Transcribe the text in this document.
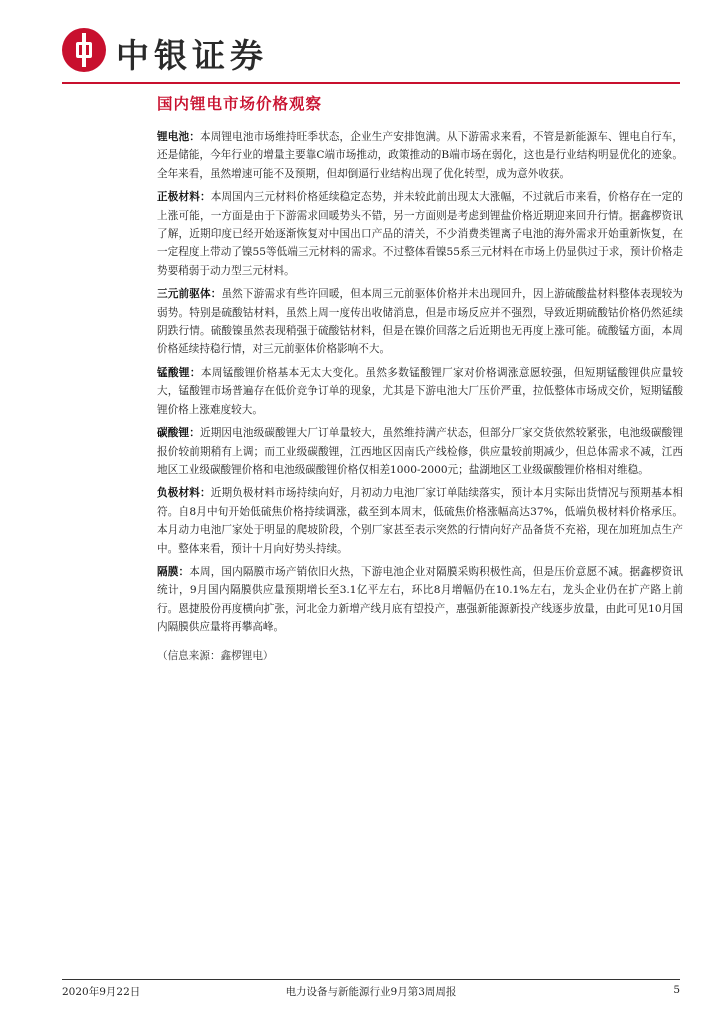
中银证券
国内锂电市场价格观察

锂电池：本周锂电池市场维持旺季状态，企业生产安排饱满。从下游需求来看，不管是新能源车、锂电自行车，还是储能，今年行业的增量主要靠C端市场推动，政策推动的B端市场在弱化，这也是行业结构明显优化的迹象。全年来看，虽然增速可能不及预期，但却倒逼行业结构出现了优化转型，成为意外收获。

正极材料：本周国内三元材料价格延续稳定态势，并未较此前出现太大涨幅，不过就后市来看，价格存在一定的上涨可能，一方面是由于下游需求回暖势头不错，另一方面则是考虑到锂盐价格近期迎来回升行情。据鑫椤资讯了解，近期印度已经开始逐渐恢复对中国出口产品的清关，不少消费类锂离子电池的海外需求开始重新恢复，在一定程度上带动了镍55等低端三元材料的需求。不过整体看镍55系三元材料在市场上仍显供过于求，预计价格走势要稍弱于动力型三元材料。

三元前驱体：虽然下游需求有些许回暖，但本周三元前驱体价格并未出现回升，因上游硫酸盐材料整体表现较为弱势。特别是硫酸钴材料，虽然上周一度传出收储消息，但是市场反应并不强烈，导致近期硫酸钴价格仍然延续阴跌行情。硫酸镍虽然表现稍强于硫酸钴材料，但是在镍价回落之后近期也无再度上涨可能。硫酸锰方面，本周价格延续持稳行情，对三元前驱体价格影响不大。

锰酸锂：本周锰酸锂价格基本无太大变化。虽然多数锰酸锂厂家对价格调涨意愿较强，但短期锰酸锂供应量较大，锰酸锂市场普遍存在低价竞争订单的现象，尤其是下游电池大厂压价严重，拉低整体市场成交价，短期锰酸锂价格上涨难度较大。

碳酸锂：近期因电池级碳酸锂大厂订单量较大，虽然维持满产状态，但部分厂家交货依然较紧张，电池级碳酸锂报价较前期稍有上调；而工业级碳酸锂，江西地区因南氏产线检修，供应量较前期减少，但总体需求不减，江西地区工业级碳酸锂价格和电池级碳酸锂价格仅相差1000-2000元；盐湖地区工业级碳酸锂价格相对维稳。

负极材料：近期负极材料市场持续向好，月初动力电池厂家订单陆续落实，预计本月实际出货情况与预期基本相符。自8月中旬开始低硫焦价格持续调涨，截至到本周末，低硫焦价格涨幅高达37%，低端负极材料价格承压。本月动力电池厂家处于明显的爬坡阶段，个别厂家甚至表示突然的行情向好产品备货不充裕，现在加班加点生产中。整体来看，预计十月向好势头持续。

隔膜：本周，国内隔膜市场产销依旧火热，下游电池企业对隔膜采购积极性高，但是压价意愿不减。据鑫椤资讯统计，9月国内隔膜供应量预期增长至3.1亿平左右，环比8月增幅仍在10.1%左右，龙头企业仍在扩产路上前行。恩捷股份再度横向扩张，河北金力新增产线月底有望投产，惠强新能源新投产线逐步放量，由此可见10月国内隔膜供应量将再攀高峰。

（信息来源：鑫椤锂电）
2020年9月22日	电力设备与新能源行业9月第3周周报	5
